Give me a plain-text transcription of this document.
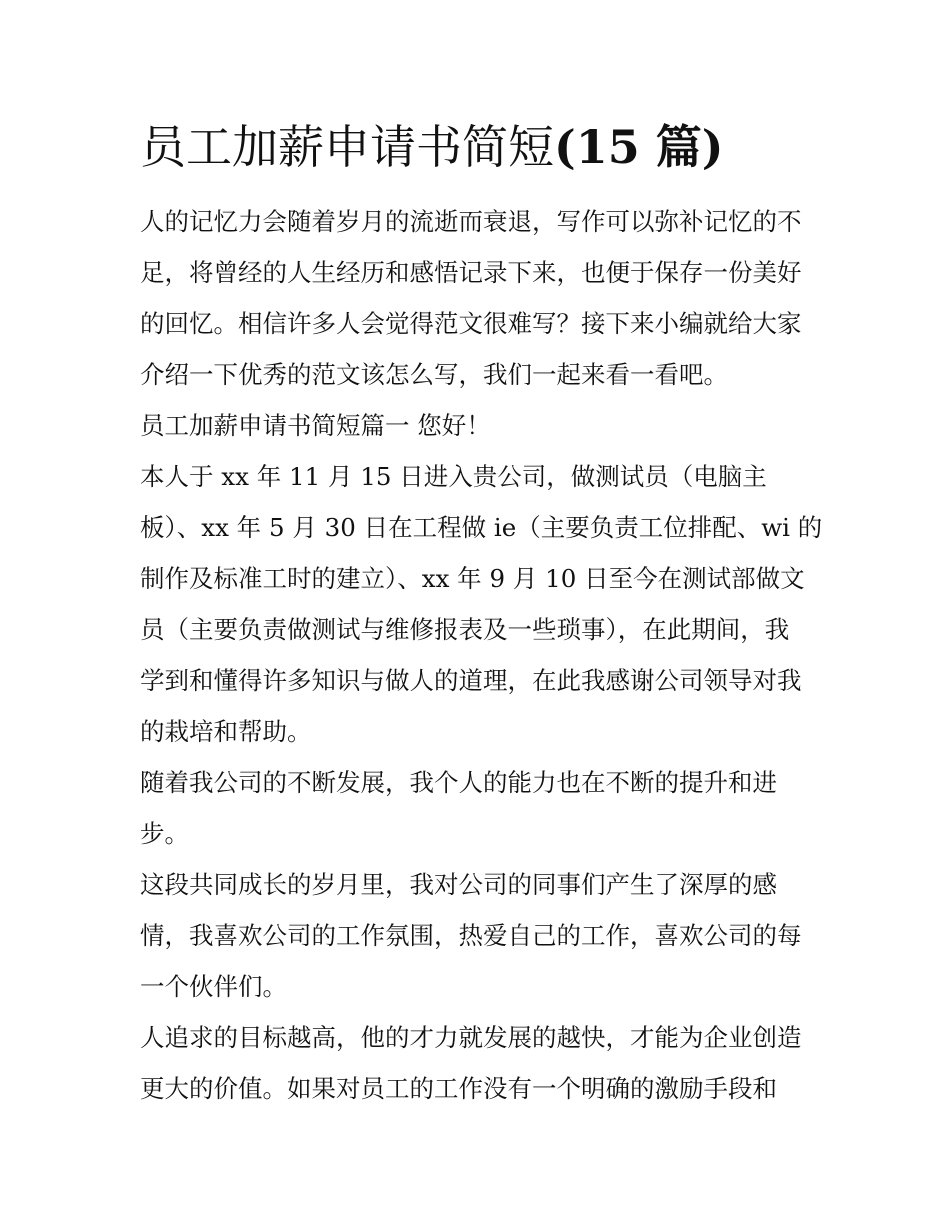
员工加薪申请书简短(15 篇)
人的记忆力会随着岁月的流逝而衰退，写作可以弥补记忆的不
足，将曾经的人生经历和感悟记录下来，也便于保存一份美好
的回忆。相信许多人会觉得范文很难写？接下来小编就给大家
介绍一下优秀的范文该怎么写，我们一起来看一看吧。
员工加薪申请书简短篇一 您好！
本人于 xx 年 11 月 15 日进入贵公司，做测试员（电脑主
板）、xx 年 5 月 30 日在工程做 ie（主要负责工位排配、wi 的
制作及标准工时的建立）、xx 年 9 月 10 日至今在测试部做文
员（主要负责做测试与维修报表及一些琐事），在此期间，我
学到和懂得许多知识与做人的道理，在此我感谢公司领导对我
的栽培和帮助。
随着我公司的不断发展，我个人的能力也在不断的提升和进
步。
这段共同成长的岁月里，我对公司的同事们产生了深厚的感
情，我喜欢公司的工作氛围，热爱自己的工作，喜欢公司的每
一个伙伴们。
人追求的目标越高，他的才力就发展的越快，才能为企业创造
更大的价值。如果对员工的工作没有一个明确的激励手段和
